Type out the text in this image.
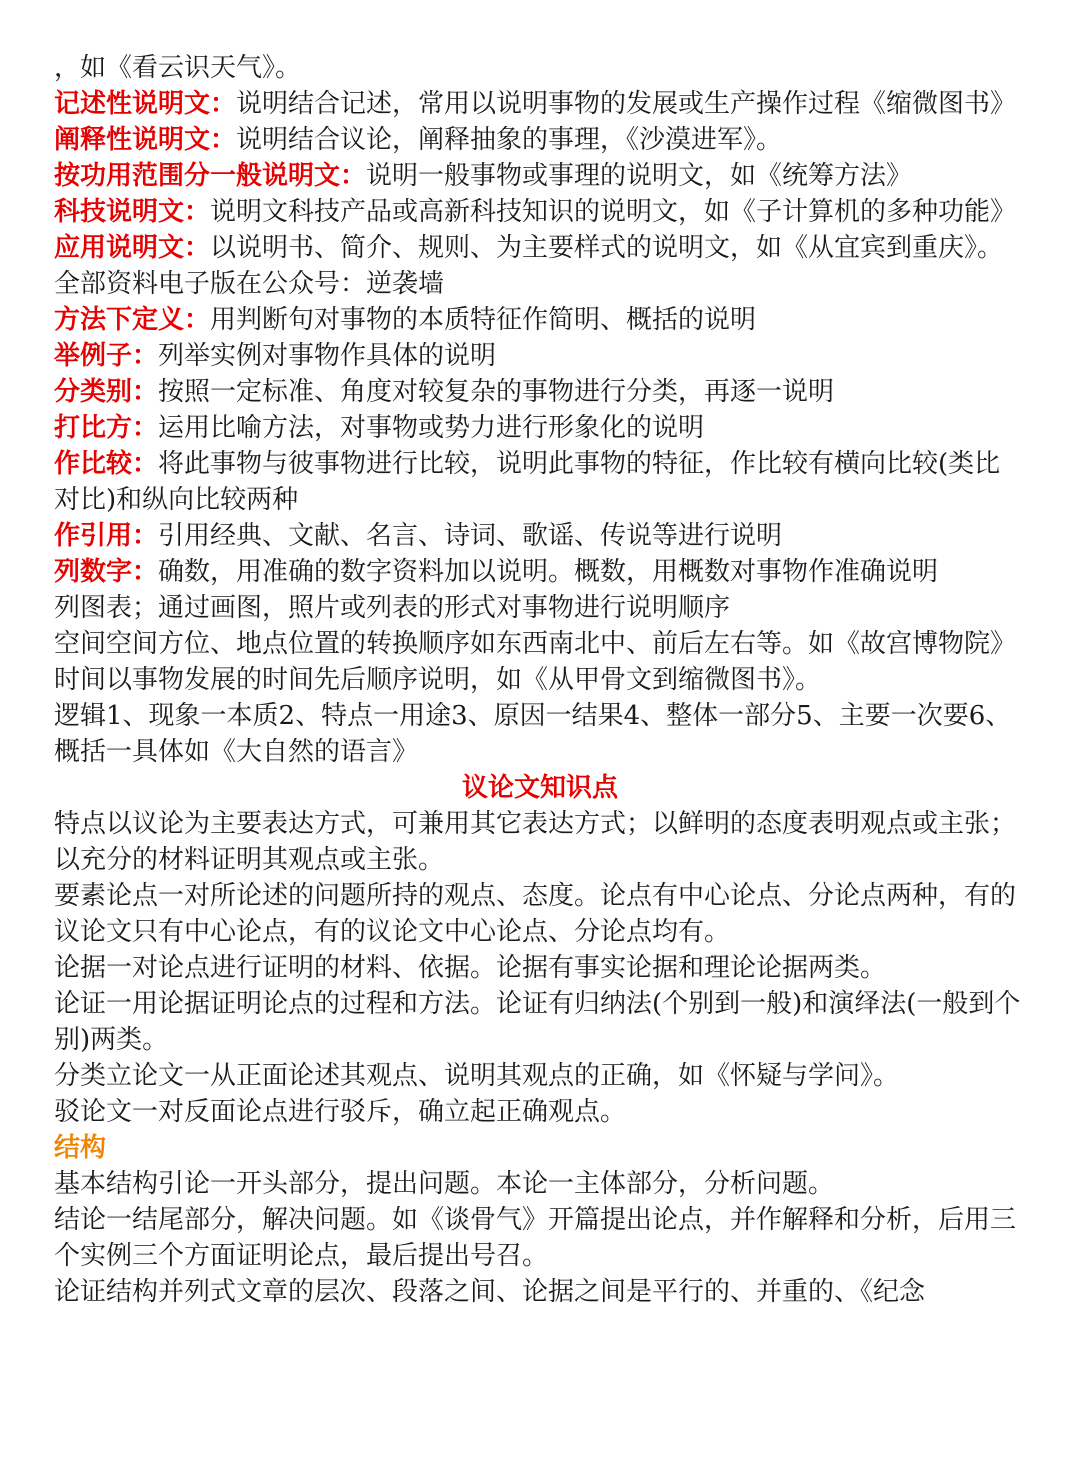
，如《看云识天气》。

记述性说明文：说明结合记述，常用以说明事物的发展或生产操作过程《缩微图书》

阐释性说明文：说明结合议论，阐释抽象的事理，《沙漠进军》。

按功用范围分一般说明文：说明一般事物或事理的说明文，如《统筹方法》

科技说明文：说明文科技产品或高新科技知识的说明文，如《子计算机的多种功能》

应用说明文：以说明书、简介、规则、为主要样式的说明文，如《从宜宾到重庆》。全部资料电子版在公众号：逆袭墙

方法下定义：用判断句对事物的本质特征作简明、概括的说明

举例子：列举实例对事物作具体的说明

分类别：按照一定标准、角度对较复杂的事物进行分类，再逐一说明

打比方：运用比喻方法，对事物或势力进行形象化的说明

作比较：将此事物与彼事物进行比较，说明此事物的特征，作比较有横向比较(类比对比)和纵向比较两种

作引用：引用经典、文献、名言、诗词、歌谣、传说等进行说明

列数字：确数，用准确的数字资料加以说明。概数，用概数对事物作准确说明

列图表；通过画图，照片或列表的形式对事物进行说明顺序

空间空间方位、地点位置的转换顺序如东西南北中、前后左右等。如《故宫博物院》

时间以事物发展的时间先后顺序说明，如《从甲骨文到缩微图书》。

逻辑1、现象一本质2、特点一用途3、原因一结果4、整体一部分5、主要一次要6、概括一具体如《大自然的语言》

议论文知识点

特点以议论为主要表达方式，可兼用其它表达方式；以鲜明的态度表明观点或主张；以充分的材料证明其观点或主张。

要素论点一对所论述的问题所持的观点、态度。论点有中心论点、分论点两种，有的议论文只有中心论点，有的议论文中心论点、分论点均有。

论据一对论点进行证明的材料、依据。论据有事实论据和理论论据两类。

论证一用论据证明论点的过程和方法。论证有归纳法(个别到一般)和演绎法(一般到个别)两类。

分类立论文一从正面论述其观点、说明其观点的正确，如《怀疑与学问》。

驳论文一对反面论点进行驳斥，确立起正确观点。

结构

基本结构引论一开头部分，提出问题。本论一主体部分，分析问题。

结论一结尾部分，解决问题。如《谈骨气》开篇提出论点，并作解释和分析，后用三个实例三个方面证明论点，最后提出号召。

论证结构并列式文章的层次、段落之间、论据之间是平行的、并重的、《纪念
